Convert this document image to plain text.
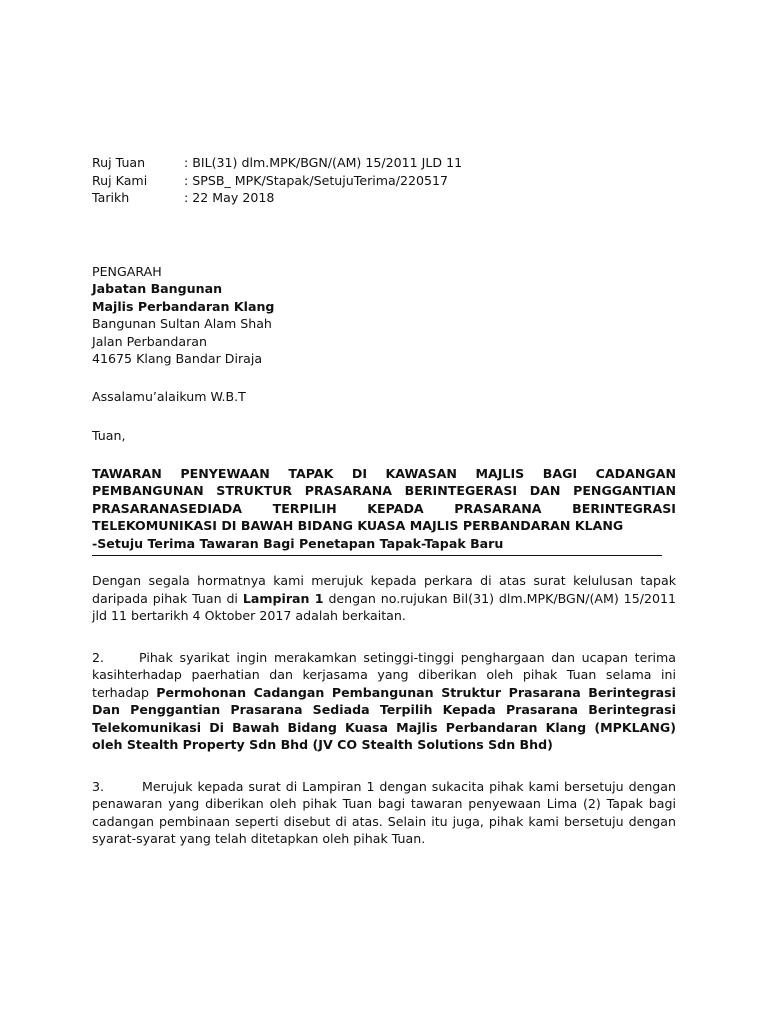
Ruj Tuan	: BIL(31) dlm.MPK/BGN/(AM) 15/2011 JLD 11
Ruj Kami	: SPSB_ MPK/Stapak/SetujuTerima/220517
Tarikh	: 22 May 2018
PENGARAH
Jabatan Bangunan
Majlis Perbandaran Klang
Bangunan Sultan Alam Shah
Jalan Perbandaran
41675 Klang Bandar Diraja
Assalamu’alaikum W.B.T
Tuan,
TAWARAN PENYEWAAN TAPAK DI KAWASAN MAJLIS BAGI CADANGAN PEMBANGUNAN STRUKTUR PRASARANA BERINTEGERASI DAN PENGGANTIAN PRASARANASEDIADA TERPILIH KEPADA PRASARANA BERINTEGRASI TELEKOMUNIKASI DI BAWAH BIDANG KUASA MAJLIS PERBANDARAN KLANG
-Setuju Terima Tawaran Bagi Penetapan Tapak-Tapak Baru
Dengan segala hormatnya kami merujuk kepada perkara di atas surat kelulusan tapak daripada pihak Tuan di Lampiran 1 dengan no.rujukan Bil(31) dlm.MPK/BGN/(AM) 15/2011 jld 11 bertarikh 4 Oktober 2017 adalah berkaitan.
2.	Pihak syarikat ingin merakamkan setinggi-tinggi penghargaan dan ucapan terima kasihterhadap paerhatian dan kerjasama yang diberikan oleh pihak Tuan selama ini terhadap Permohonan Cadangan Pembangunan Struktur Prasarana Berintegrasi Dan Penggantian Prasarana Sediada Terpilih Kepada Prasarana Berintegrasi Telekomunikasi Di Bawah Bidang Kuasa Majlis Perbandaran Klang (MPKLANG) oleh Stealth Property Sdn Bhd (JV CO Stealth Solutions Sdn Bhd)
3.	Merujuk kepada surat di Lampiran 1 dengan sukacita pihak kami bersetuju dengan penawaran yang diberikan oleh pihak Tuan bagi tawaran penyewaan Lima (2) Tapak bagi cadangan pembinaan seperti disebut di atas. Selain itu juga, pihak kami bersetuju dengan syarat-syarat yang telah ditetapkan oleh pihak Tuan.
